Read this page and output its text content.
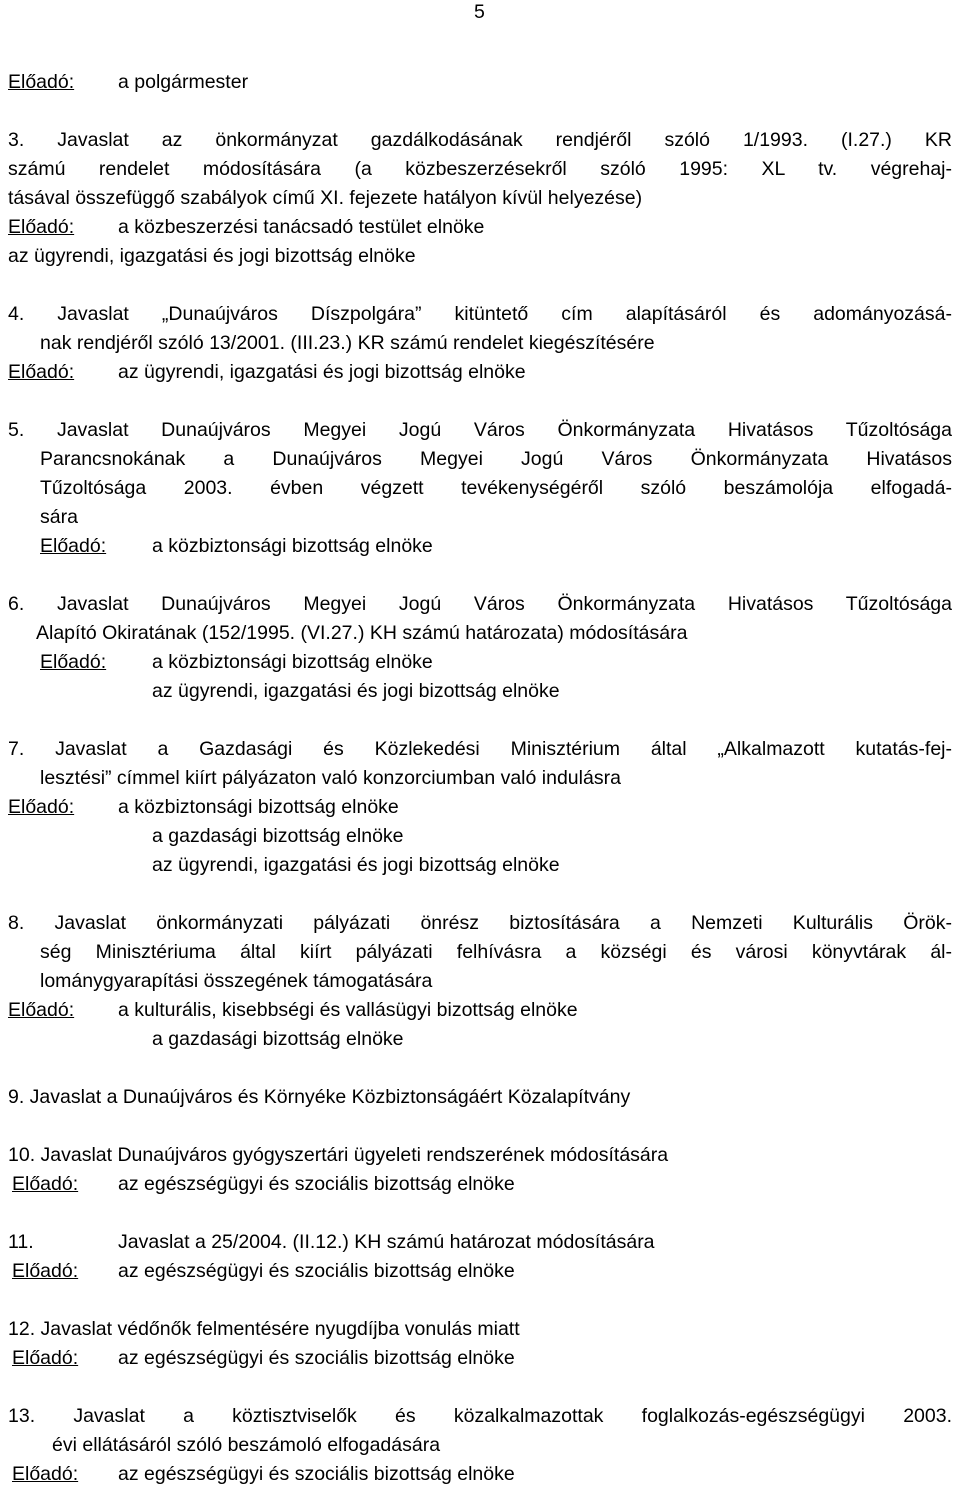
5
Előadó: a polgármester
3. Javaslat az önkormányzat gazdálkodásának rendjéről szóló 1/1993. (I.27.) KR
számú rendelet módosítására (a közbeszerzésekről szóló 1995: XL tv. végrehaj-
tásával összefüggő szabályok című XI. fejezete hatályon kívül helyezése)
Előadó: a közbeszerzési tanácsadó testület elnöke
az ügyrendi, igazgatási és jogi bizottság elnöke
4. Javaslat „Dunaújváros Díszpolgára” kitüntető cím alapításáról és adományozásá-
nak rendjéről szóló 13/2001. (III.23.) KR számú rendelet kiegészítésére
Előadó: az ügyrendi, igazgatási és jogi bizottság elnöke
5. Javaslat Dunaújváros Megyei Jogú Város Önkormányzata Hivatásos Tűzoltósága
Parancsnokának a Dunaújváros Megyei Jogú Város Önkormányzata Hivatásos
Tűzoltósága 2003. évben végzett tevékenységéről szóló beszámolója elfogadá-
sára
Előadó: a közbiztonsági bizottság elnöke
6. Javaslat Dunaújváros Megyei Jogú Város Önkormányzata Hivatásos Tűzoltósága
Alapító Okiratának (152/1995. (VI.27.) KH számú határozata) módosítására
Előadó: a közbiztonsági bizottság elnöke
az ügyrendi, igazgatási és jogi bizottság elnöke
7. Javaslat a Gazdasági és Közlekedési Minisztérium által „Alkalmazott kutatás-fej-
lesztési” címmel kiírt pályázaton való konzorciumban való indulásra
Előadó: a közbiztonsági bizottság elnöke
a gazdasági bizottság elnöke
az ügyrendi, igazgatási és jogi bizottság elnöke
8. Javaslat önkormányzati pályázati önrész biztosítására a Nemzeti Kulturális Örök-
ség Minisztériuma által kiírt pályázati felhívásra a községi és városi könyvtárak ál-
lománygyarapítási összegének támogatására
Előadó: a kulturális, kisebbségi és vallásügyi bizottság elnöke
a gazdasági bizottság elnöke
9. Javaslat a Dunaújváros és Környéke Közbiztonságáért Közalapítvány
10. Javaslat Dunaújváros gyógyszertári ügyeleti rendszerének módosítására
Előadó: az egészségügyi és szociális bizottság elnöke
11.	Javaslat a 25/2004. (II.12.) KH számú határozat módosítására
Előadó: az egészségügyi és szociális bizottság elnöke
12. Javaslat védőnők felmentésére nyugdíjba vonulás miatt
Előadó: az egészségügyi és szociális bizottság elnöke
13. Javaslat a köztisztviselők és közalkalmazottak foglalkozás-egészségügyi 2003.
évi ellátásáról szóló beszámoló elfogadására
Előadó: az egészségügyi és szociális bizottság elnöke
